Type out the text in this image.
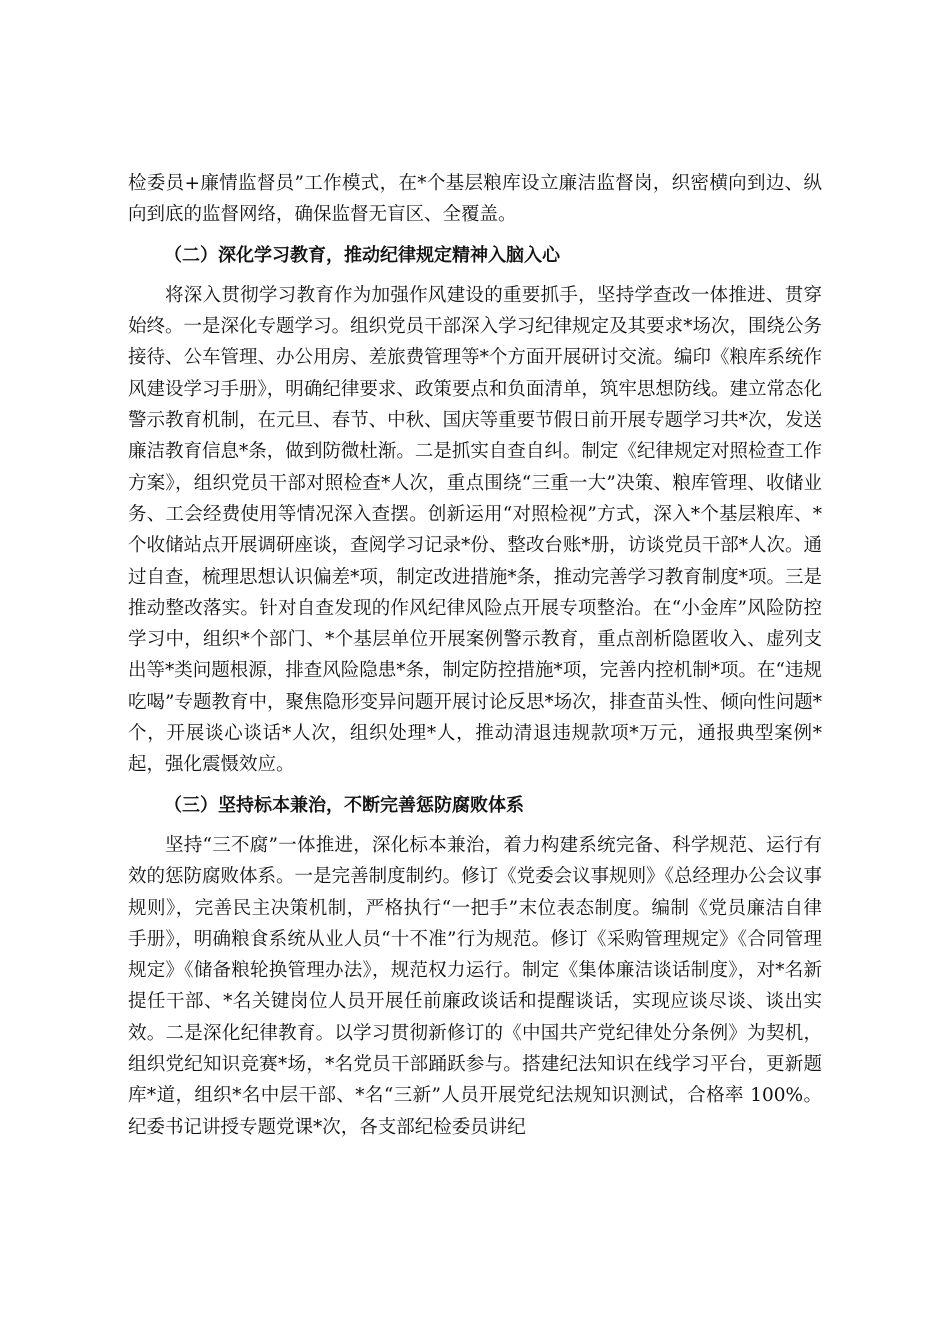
检委员+廉情监督员”工作模式，在*个基层粮库设立廉洁监督岗，织密横向到边、纵向到底的监督网络，确保监督无盲区、全覆盖。

（二）深化学习教育，推动纪律规定精神入脑入心

将深入贯彻学习教育作为加强作风建设的重要抓手，坚持学查改一体推进、贯穿始终。一是深化专题学习。组织党员干部深入学习纪律规定及其要求*场次，围绕公务接待、公车管理、办公用房、差旅费管理等*个方面开展研讨交流。编印《粮库系统作风建设学习手册》，明确纪律要求、政策要点和负面清单，筑牢思想防线。建立常态化警示教育机制，在元旦、春节、中秋、国庆等重要节假日前开展专题学习共*次，发送廉洁教育信息*条，做到防微杜渐。二是抓实自查自纠。制定《纪律规定对照检查工作方案》，组织党员干部对照检查*人次，重点围绕“三重一大”决策、粮库管理、收储业务、工会经费使用等情况深入查摆。创新运用“对照检视”方式，深入*个基层粮库、*个收储站点开展调研座谈，查阅学习记录*份、整改台账*册，访谈党员干部*人次。通过自查，梳理思想认识偏差*项，制定改进措施*条，推动完善学习教育制度*项。三是推动整改落实。针对自查发现的作风纪律风险点开展专项整治。在“小金库”风险防控学习中，组织*个部门、*个基层单位开展案例警示教育，重点剖析隐匿收入、虚列支出等*类问题根源，排查风险隐患*条，制定防控措施*项，完善内控机制*项。在“违规吃喝”专题教育中，聚焦隐形变异问题开展讨论反思*场次，排查苗头性、倾向性问题*个，开展谈心谈话*人次，组织处理*人，推动清退违规款项*万元，通报典型案例*起，强化震慑效应。

（三）坚持标本兼治，不断完善惩防腐败体系

坚持“三不腐”一体推进，深化标本兼治，着力构建系统完备、科学规范、运行有效的惩防腐败体系。一是完善制度制约。修订《党委会议事规则》《总经理办公会议事规则》，完善民主决策机制，严格执行“一把手”末位表态制度。编制《党员廉洁自律手册》，明确粮食系统从业人员“十不准”行为规范。修订《采购管理规定》《合同管理规定》《储备粮轮换管理办法》，规范权力运行。制定《集体廉洁谈话制度》，对*名新提任干部、*名关键岗位人员开展任前廉政谈话和提醒谈话，实现应谈尽谈、谈出实效。二是深化纪律教育。以学习贯彻新修订的《中国共产党纪律处分条例》为契机，组织党纪知识竞赛*场，*名党员干部踊跃参与。搭建纪法知识在线学习平台，更新题库*道，组织*名中层干部、*名“三新”人员开展党纪法规知识测试，合格率 100%。纪委书记讲授专题党课*次，各支部纪检委员讲纪
